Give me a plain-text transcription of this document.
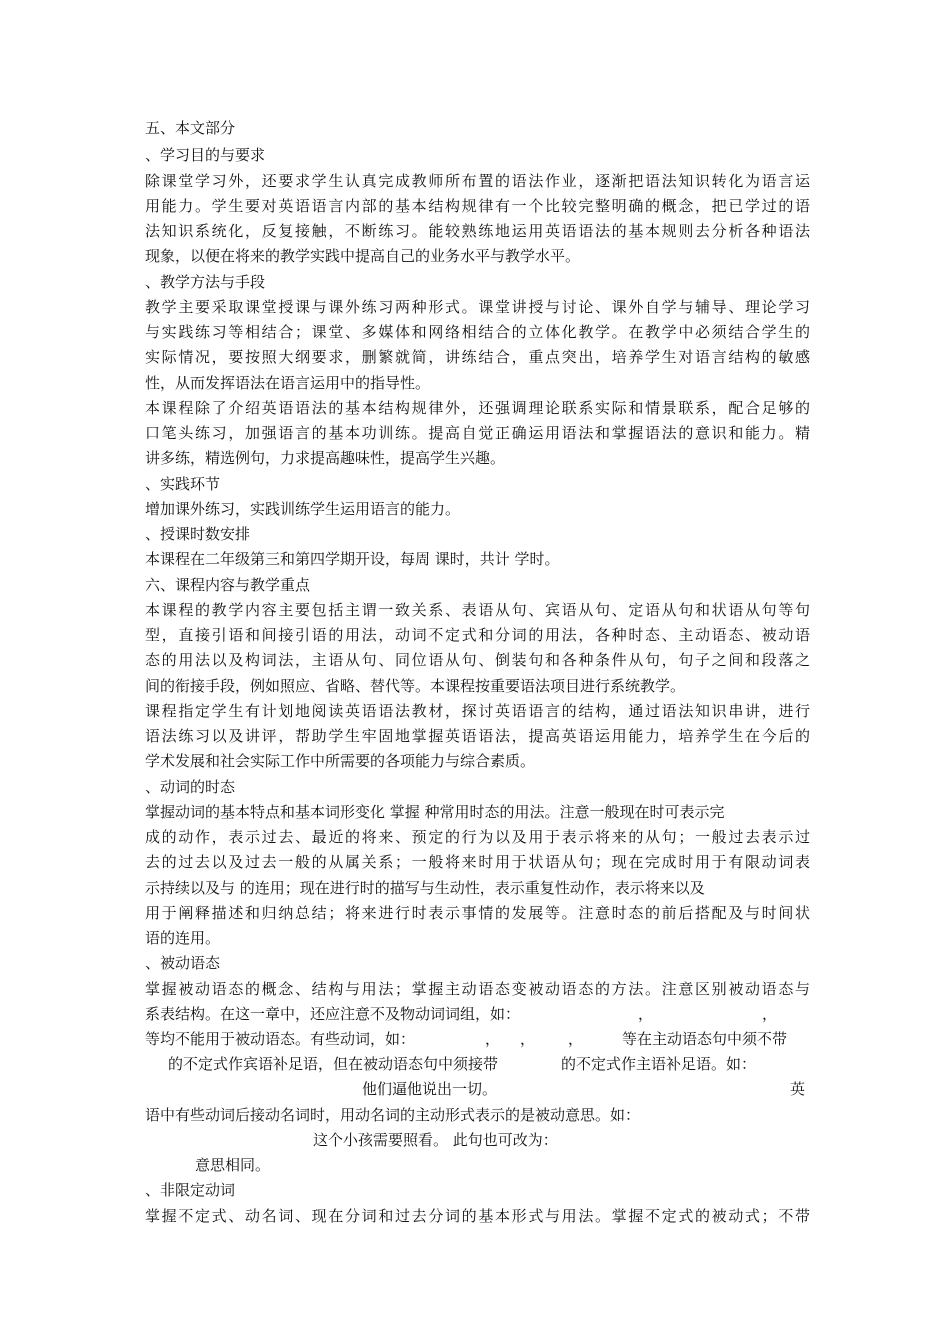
五、本文部分
、学习目的与要求
除课堂学习外，还要求学生认真完成教师所布置的语法作业，逐渐把语法知识转化为语言运
用能力。学生要对英语语言内部的基本结构规律有一个比较完整明确的概念，把已学过的语
法知识系统化，反复接触，不断练习。能较熟练地运用英语语法的基本规则去分析各种语法
现象，以便在将来的教学实践中提高自己的业务水平与教学水平。
、教学方法与手段
教学主要采取课堂授课与课外练习两种形式。课堂讲授与讨论、课外自学与辅导、理论学习
与实践练习等相结合；课堂、多媒体和网络相结合的立体化教学。在教学中必须结合学生的
实际情况，要按照大纲要求，删繁就简，讲练结合，重点突出，培养学生对语言结构的敏感
性，从而发挥语法在语言运用中的指导性。
本课程除了介绍英语语法的基本结构规律外，还强调理论联系实际和情景联系，配合足够的
口笔头练习，加强语言的基本功训练。提高自觉正确运用语法和掌握语法的意识和能力。精
讲多练，精选例句，力求提高趣味性，提高学生兴趣。
、实践环节
增加课外练习，实践训练学生运用语言的能力。
、授课时数安排
本课程在二年级第三和第四学期开设，每周 课时，共计 学时。
六、课程内容与教学重点
本课程的教学内容主要包括主谓一致关系、表语从句、宾语从句、定语从句和状语从句等句
型，直接引语和间接引语的用法，动词不定式和分词的用法，各种时态、主动语态、被动语
态的用法以及构词法，主语从句、同位语从句、倒装句和各种条件从句，句子之间和段落之
间的衔接手段，例如照应、省略、替代等。本课程按重要语法项目进行系统教学。
课程指定学生有计划地阅读英语语法教材，探讨英语语言的结构，通过语法知识串讲，进行
语法练习以及讲评，帮助学生牢固地掌握英语语法，提高英语运用能力，培养学生在今后的
学术发展和社会实际工作中所需要的各项能力与综合素质。
、动词的时态
掌握动词的基本特点和基本词形变化 掌握 种常用时态的用法。注意一般现在时可表示完
成的动作，表示过去、最近的将来、预定的行为以及用于表示将来的从句；一般过去表示过
去的过去以及过去一般的从属关系；一般将来时用于状语从句；现在完成时用于有限动词表
示持续以及与 的连用；现在进行时的描写与生动性，表示重复性动作，表示将来以及
用于阐释描述和归纳总结；将来进行时表示事情的发展等。注意时态的前后搭配及与时间状
语的连用。
、被动语态
掌握被动语态的概念、结构与用法；掌握主动语态变被动语态的方法。注意区别被动语态与
系表结构。在这一章中，还应注意不及物动词词组，如：	，	，
等均不能用于被动语态。有些动词，如：	， ， ，	等在主动语态句中须不带
的不定式作宾语补足语，但在被动语态句中须接带	的不定式作主语补足语。如：
他们逼他说出一切。	英
语中有些动词后接动名词时，用动名词的主动形式表示的是被动意思。如：
这个小孩需要照看。 此句也可改为：
意思相同。
、非限定动词
掌握不定式、动名词、现在分词和过去分词的基本形式与用法。掌握不定式的被动式；不带
